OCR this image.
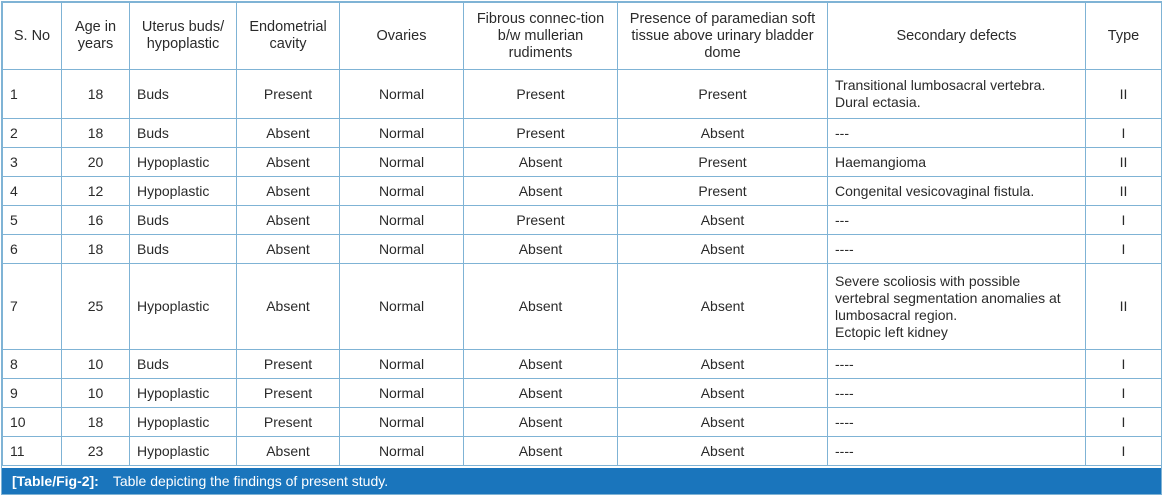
S. No	Age in years	Uterus buds/ hypoplastic	Endometrial cavity	Ovaries	Fibrous connec-tion b/w mullerian rudiments	Presence of paramedian soft tissue above urinary bladder dome	Secondary defects	Type
1	18	Buds	Present	Normal	Present	Present	Transitional lumbosacral vertebra.
Dural ectasia.	II
2	18	Buds	Absent	Normal	Present	Absent	---	I
3	20	Hypoplastic	Absent	Normal	Absent	Present	Haemangioma	II
4	12	Hypoplastic	Absent	Normal	Absent	Present	Congenital vesicovaginal fistula.	II
5	16	Buds	Absent	Normal	Present	Absent	---	I
6	18	Buds	Absent	Normal	Absent	Absent	----	I
7	25	Hypoplastic	Absent	Normal	Absent	Absent	Severe scoliosis with possible
vertebral segmentation anomalies at
lumbosacral region.
Ectopic left kidney	II
8	10	Buds	Present	Normal	Absent	Absent	----	I
9	10	Hypoplastic	Present	Normal	Absent	Absent	----	I
10	18	Hypoplastic	Present	Normal	Absent	Absent	----	I
11	23	Hypoplastic	Absent	Normal	Absent	Absent	----	I
[Table/Fig-2]: Table depicting the findings of present study.
